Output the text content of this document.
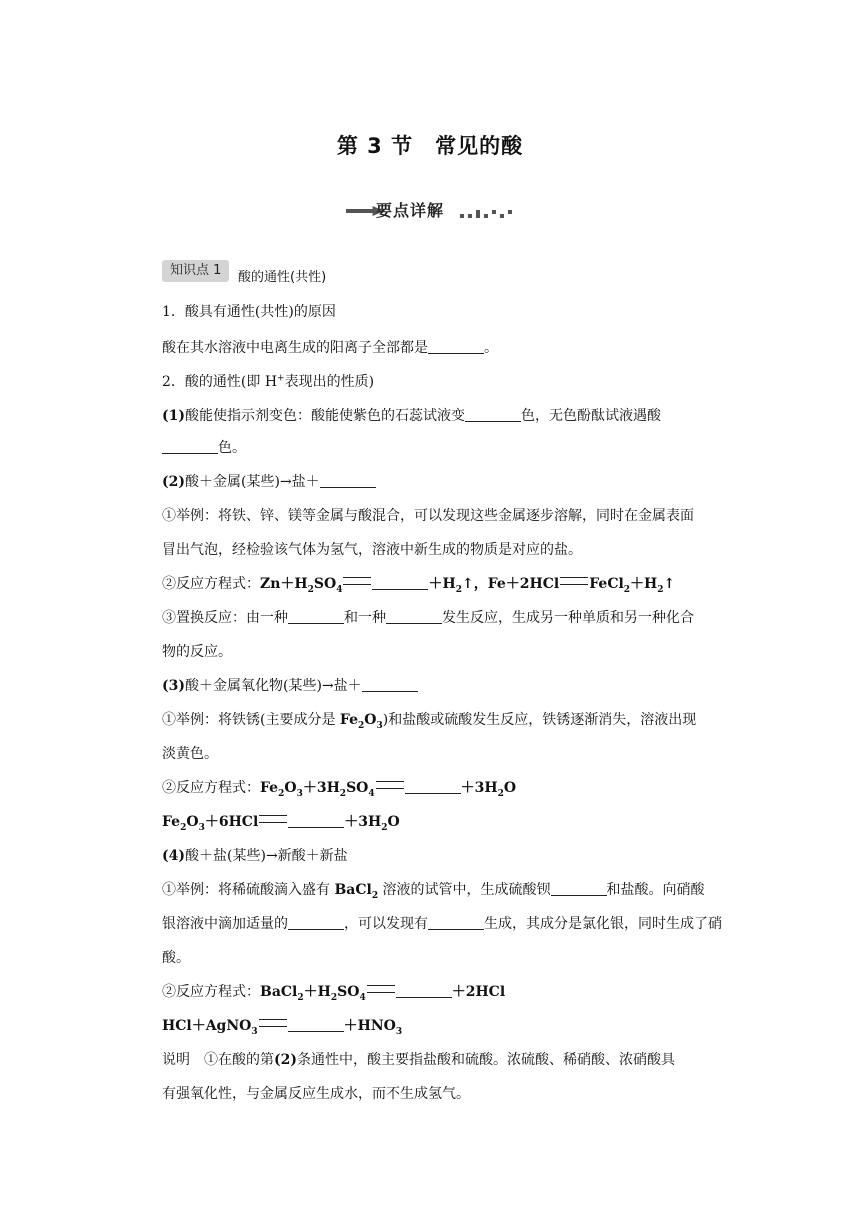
第 3 节　常见的酸
要点详解
知识点 1	酸的通性(共性)
1．酸具有通性(共性)的原因
酸在其水溶液中电离生成的阳离子全部都是	。
2．酸的通性(即 H+表现出的性质)
(1)酸能使指示剂变色：酸能使紫色的石蕊试液变	色，无色酚酞试液遇酸
色。
(2)酸＋金属(某些)→盐＋
①举例：将铁、锌、镁等金属与酸混合，可以发现这些金属逐步溶解，同时在金属表面
冒出气泡，经检验该气体为氢气，溶液中新生成的物质是对应的盐。
②反应方程式：$Zn+H_2SO_4$	$+H_2↑$，Fe＋2HCl $FeCl_2+H_2↑$
③置换反应：由一种	和一种	发生反应，生成另一种单质和另一种化合
物的反应。
(3)酸＋金属氧化物(某些)→盐＋
①举例：将铁锈(主要成分是 $Fe_2O_3$)和盐酸或硫酸发生反应，铁锈逐渐消失，溶液出现
淡黄色。
②反应方程式：$Fe_2O_3+3H_2SO_4$	$+3H_2O$
$Fe_2O_3+6HCl$	$+3H_2O$
(4)酸＋盐(某些)→新酸＋新盐
①举例：将稀硫酸滴入盛有 BaCl$_2$ 溶液的试管中，生成硫酸钡	和盐酸。向硝酸
银溶液中滴加适量的	，可以发现有	生成，其成分是氯化银，同时生成了硝
酸。
②反应方程式：$BaCl_2+H_2SO_4$	＋2HCl
HCl＋AgNO$_3$	$+HNO_3$
说明　①在酸的第(2)条通性中，酸主要指盐酸和硫酸。浓硫酸、稀硝酸、浓硝酸具
有强氧化性，与金属反应生成水，而不生成氢气。
